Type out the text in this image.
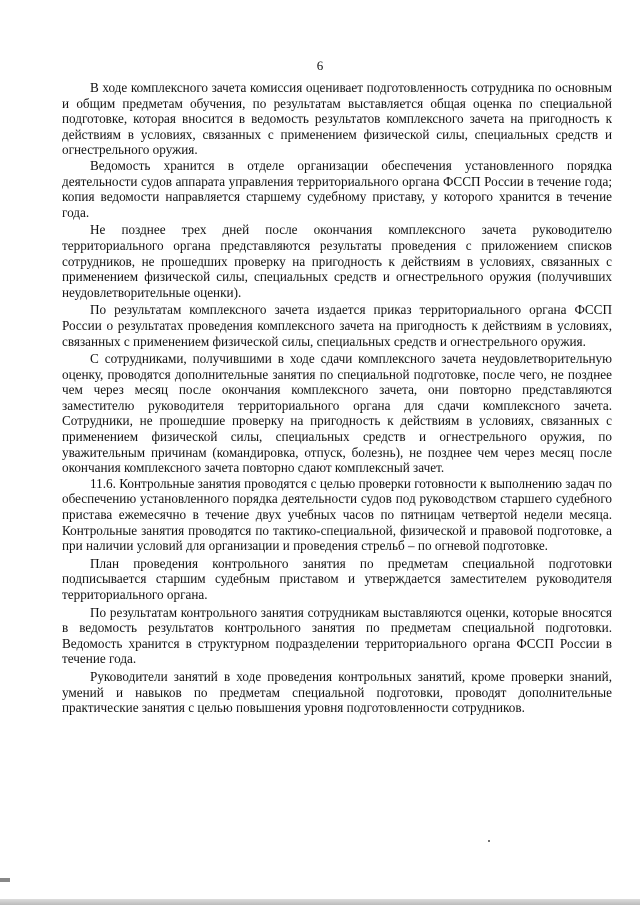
6

В ходе комплексного зачета комиссия оценивает подготовленность сотрудника по основным и общим предметам обучения, по результатам выставляется общая оценка по специальной подготовке, которая вносится в ведомость результатов комплексного зачета на пригодность к действиям в условиях, связанных с применением физической силы, специальных средств и огнестрельного оружия.

Ведомость хранится в отделе организации обеспечения установленного порядка деятельности судов аппарата управления территориального органа ФССП России в течение года; копия ведомости направляется старшему судебному приставу, у которого хранится в течение года.

Не позднее трех дней после окончания комплексного зачета руководителю территориального органа представляются результаты проведения с приложением списков сотрудников, не прошедших проверку на пригодность к действиям в условиях, связанных с применением физической силы, специальных средств и огнестрельного оружия (получивших неудовлетворительные оценки).

По результатам комплексного зачета издается приказ территориального органа ФССП России о результатах проведения комплексного зачета на пригодность к действиям в условиях, связанных с применением физической силы, специальных средств и огнестрельного оружия.

С сотрудниками, получившими в ходе сдачи комплексного зачета неудовлетворительную оценку, проводятся дополнительные занятия по специальной подготовке, после чего, не позднее чем через месяц после окончания комплексного зачета, они повторно представляются заместителю руководителя территориального органа для сдачи комплексного зачета. Сотрудники, не прошедшие проверку на пригодность к действиям в условиях, связанных с применением физической силы, специальных средств и огнестрельного оружия, по уважительным причинам (командировка, отпуск, болезнь), не позднее чем через месяц после окончания комплексного зачета повторно сдают комплексный зачет.

11.6. Контрольные занятия проводятся с целью проверки готовности к выполнению задач по обеспечению установленного порядка деятельности судов под руководством старшего судебного пристава ежемесячно в течение двух учебных часов по пятницам четвертой недели месяца. Контрольные занятия проводятся по тактико-специальной, физической и правовой подготовке, а при наличии условий для организации и проведения стрельб – по огневой подготовке.

План проведения контрольного занятия по предметам специальной подготовки подписывается старшим судебным приставом и утверждается заместителем руководителя территориального органа.

По результатам контрольного занятия сотрудникам выставляются оценки, которые вносятся в ведомость результатов контрольного занятия по предметам специальной подготовки. Ведомость хранится в структурном подразделении территориального органа ФССП России в течение года.

Руководители занятий в ходе проведения контрольных занятий, кроме проверки знаний, умений и навыков по предметам специальной подготовки, проводят дополнительные практические занятия с целью повышения уровня подготовленности сотрудников.
